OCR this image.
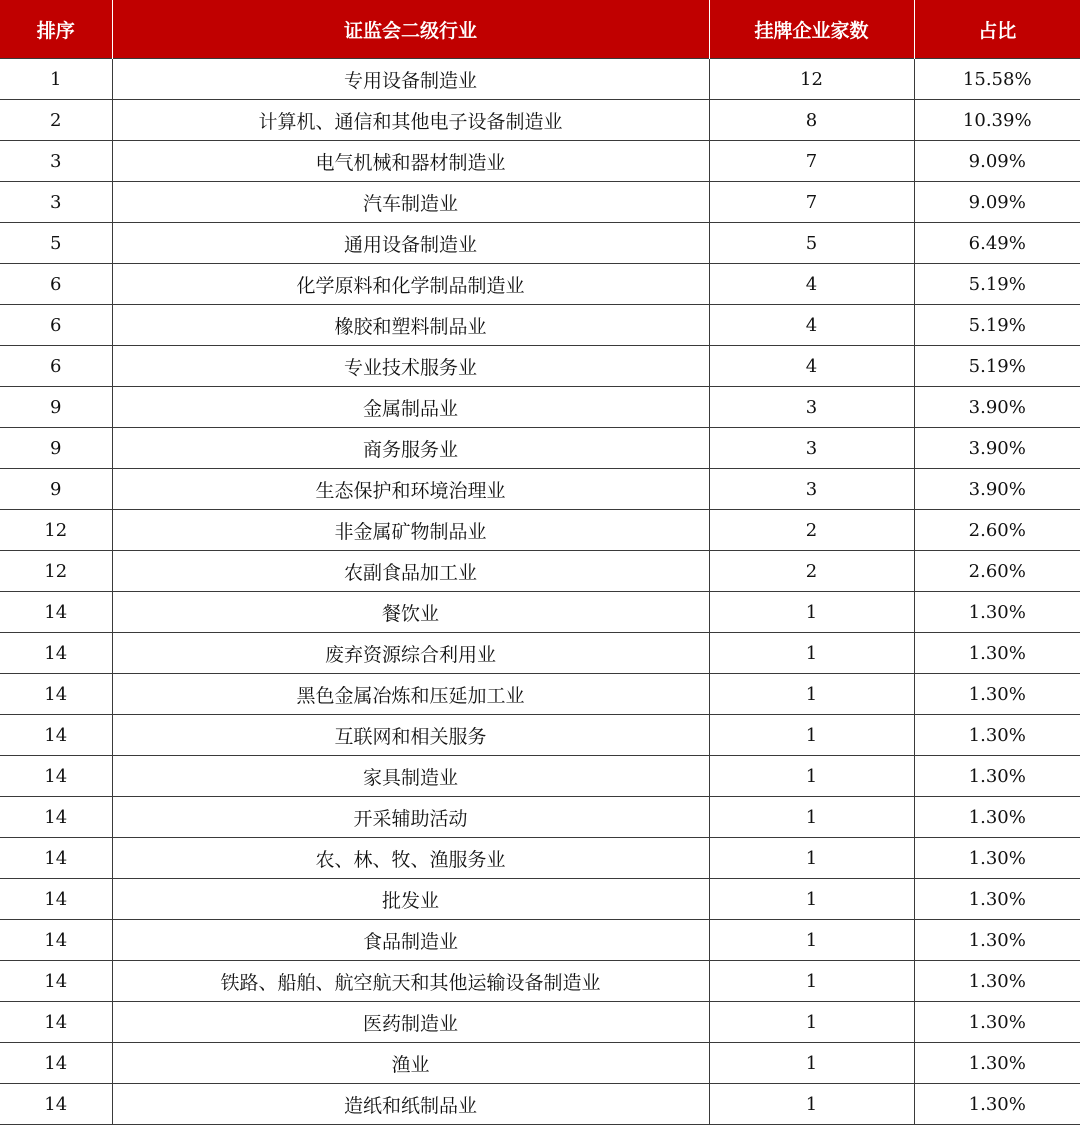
排序	证监会二级行业	挂牌企业家数	占比
1	专用设备制造业	12	15.58%
2	计算机、通信和其他电子设备制造业	8	10.39%
3	电气机械和器材制造业	7	9.09%
3	汽车制造业	7	9.09%
5	通用设备制造业	5	6.49%
6	化学原料和化学制品制造业	4	5.19%
6	橡胶和塑料制品业	4	5.19%
6	专业技术服务业	4	5.19%
9	金属制品业	3	3.90%
9	商务服务业	3	3.90%
9	生态保护和环境治理业	3	3.90%
12	非金属矿物制品业	2	2.60%
12	农副食品加工业	2	2.60%
14	餐饮业	1	1.30%
14	废弃资源综合利用业	1	1.30%
14	黑色金属冶炼和压延加工业	1	1.30%
14	互联网和相关服务	1	1.30%
14	家具制造业	1	1.30%
14	开采辅助活动	1	1.30%
14	农、林、牧、渔服务业	1	1.30%
14	批发业	1	1.30%
14	食品制造业	1	1.30%
14	铁路、船舶、航空航天和其他运输设备制造业	1	1.30%
14	医药制造业	1	1.30%
14	渔业	1	1.30%
14	造纸和纸制品业	1	1.30%
